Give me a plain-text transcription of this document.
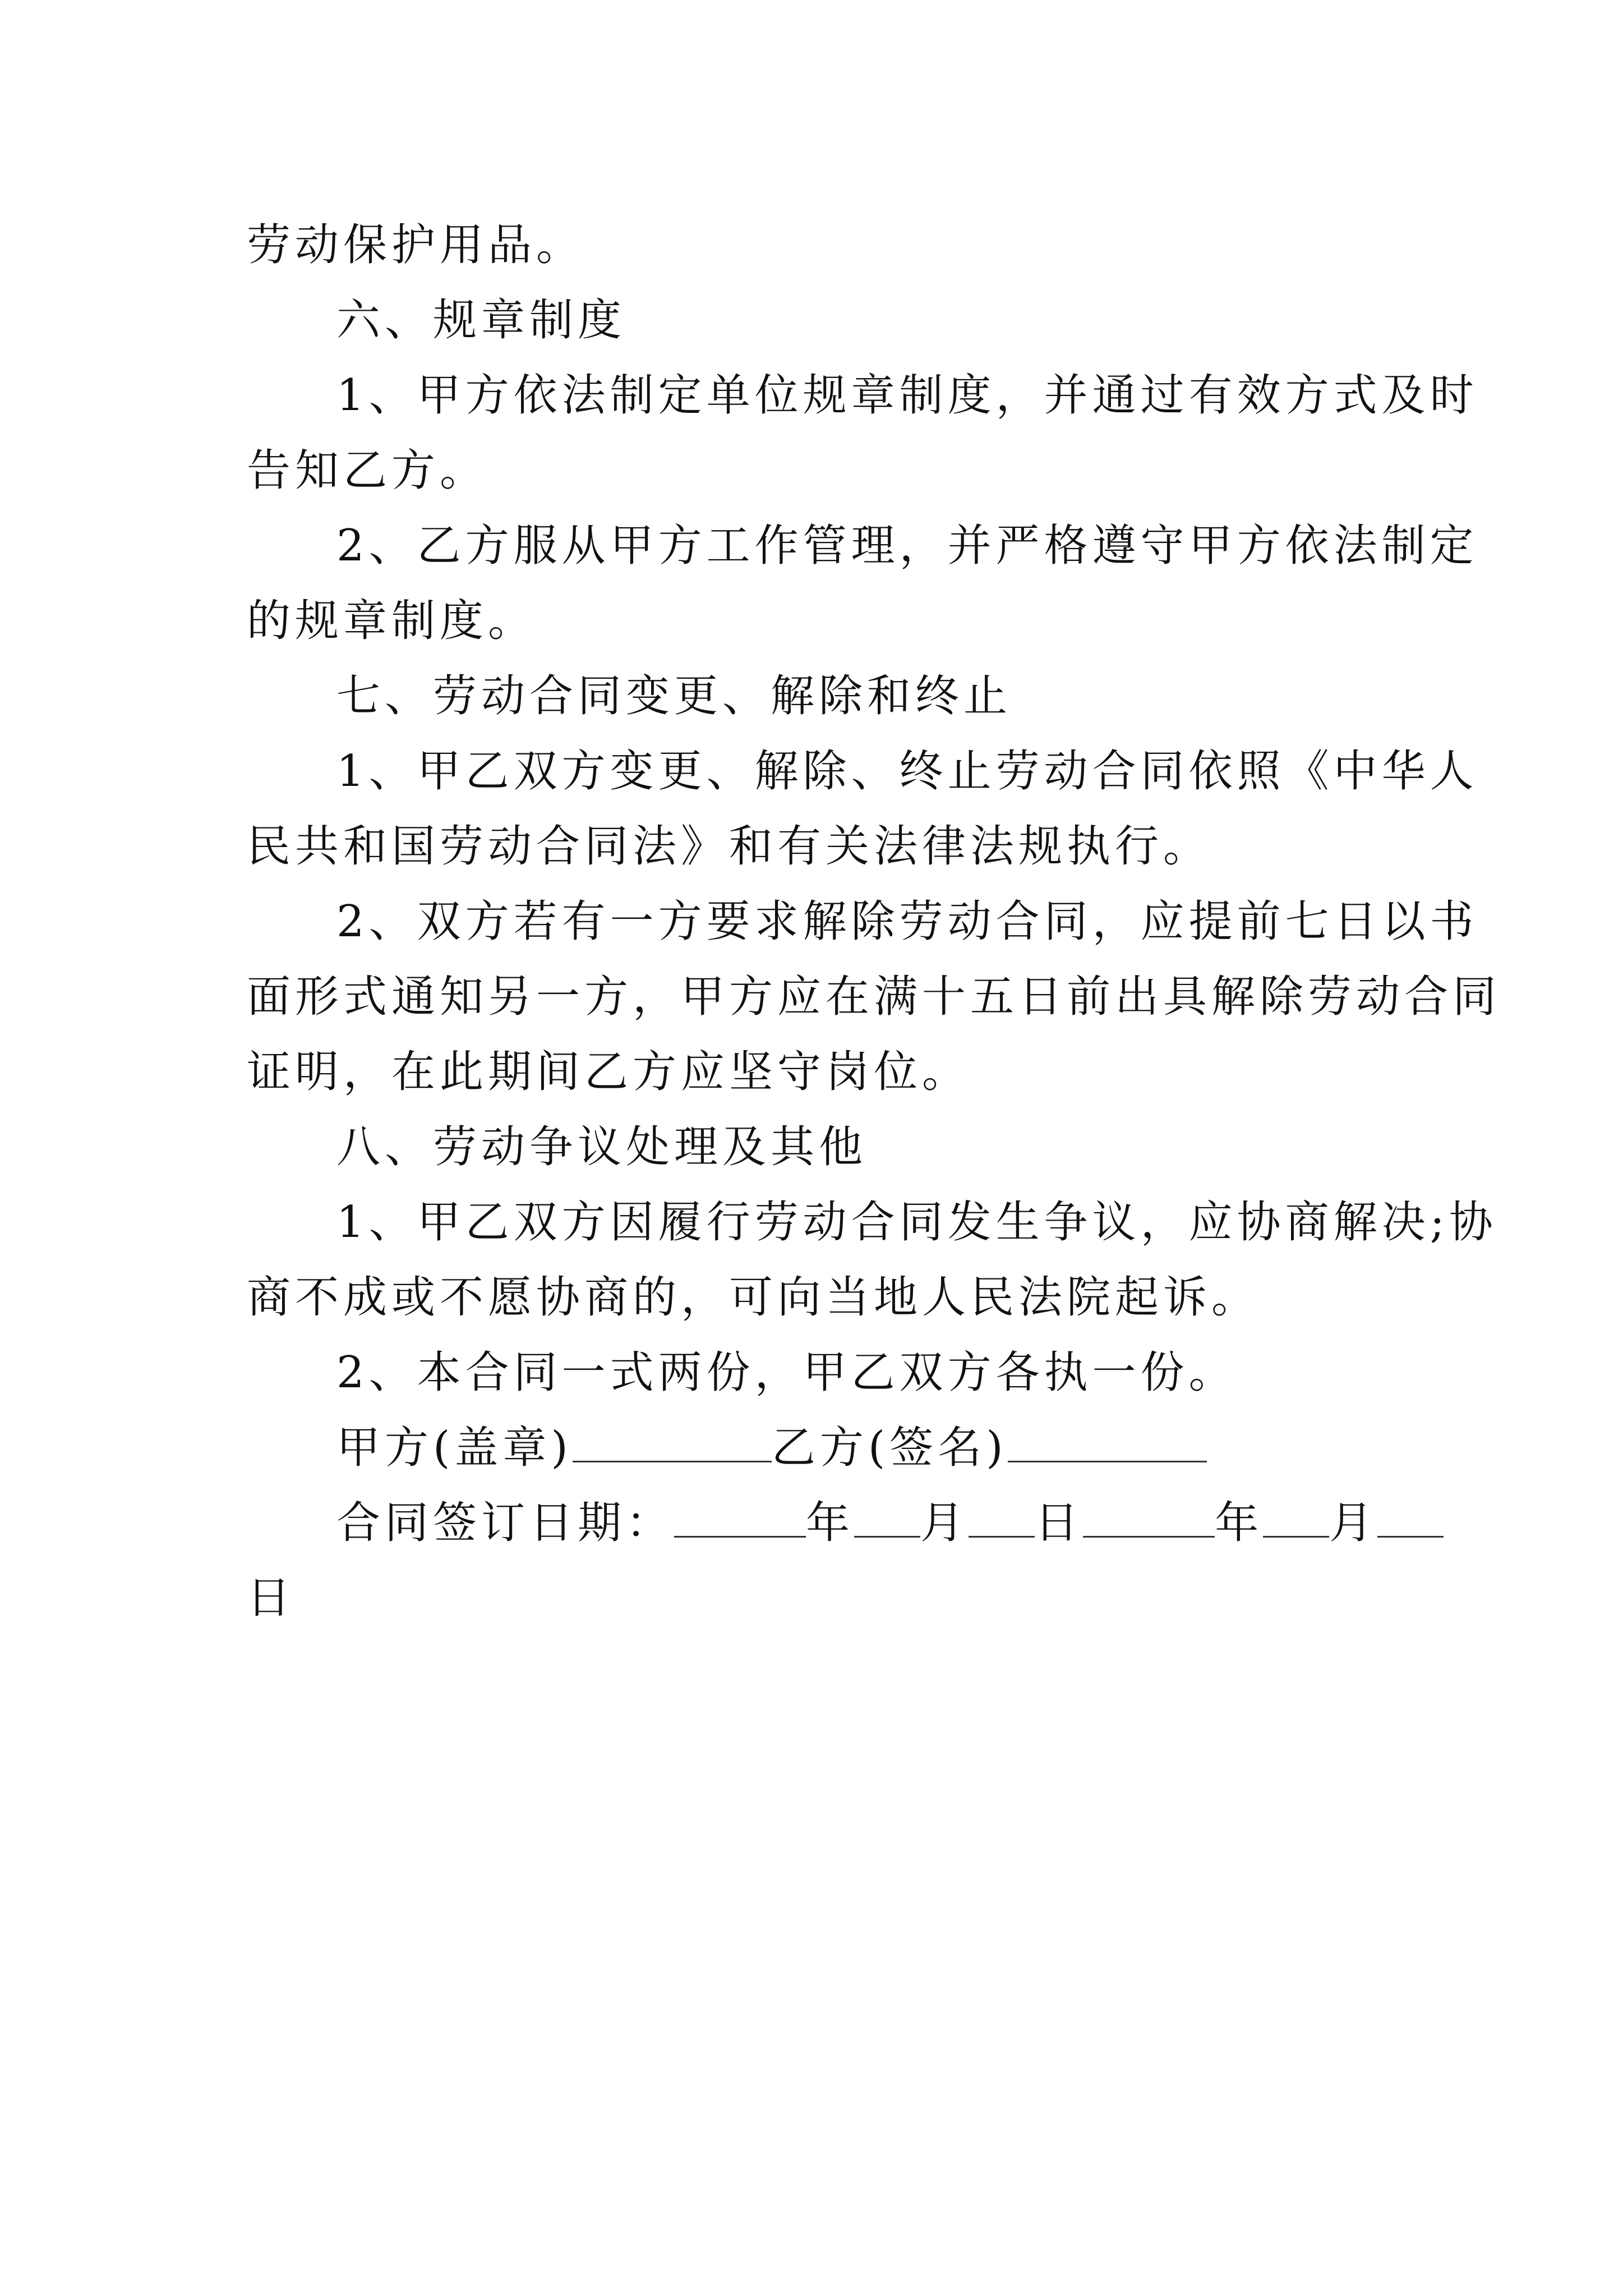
劳动保护用品。

六、规章制度

1、甲方依法制定单位规章制度，并通过有效方式及时

告知乙方。

2、乙方服从甲方工作管理，并严格遵守甲方依法制定

的规章制度。

七、劳动合同变更、解除和终止

1、甲乙双方变更、解除、终止劳动合同依照《中华人

民共和国劳动合同法》和有关法律法规执行。

2、双方若有一方要求解除劳动合同，应提前七日以书

面形式通知另一方，甲方应在满十五日前出具解除劳动合同

证明，在此期间乙方应坚守岗位。

八、劳动争议处理及其他

1、甲乙双方因履行劳动合同发生争议，应协商解决;协

商不成或不愿协商的，可向当地人民法院起诉。

2、本合同一式两份，甲乙双方各执一份。

甲方(盖章)	乙方(签名)

合同签订日期：	年 月 日	年 月

日
